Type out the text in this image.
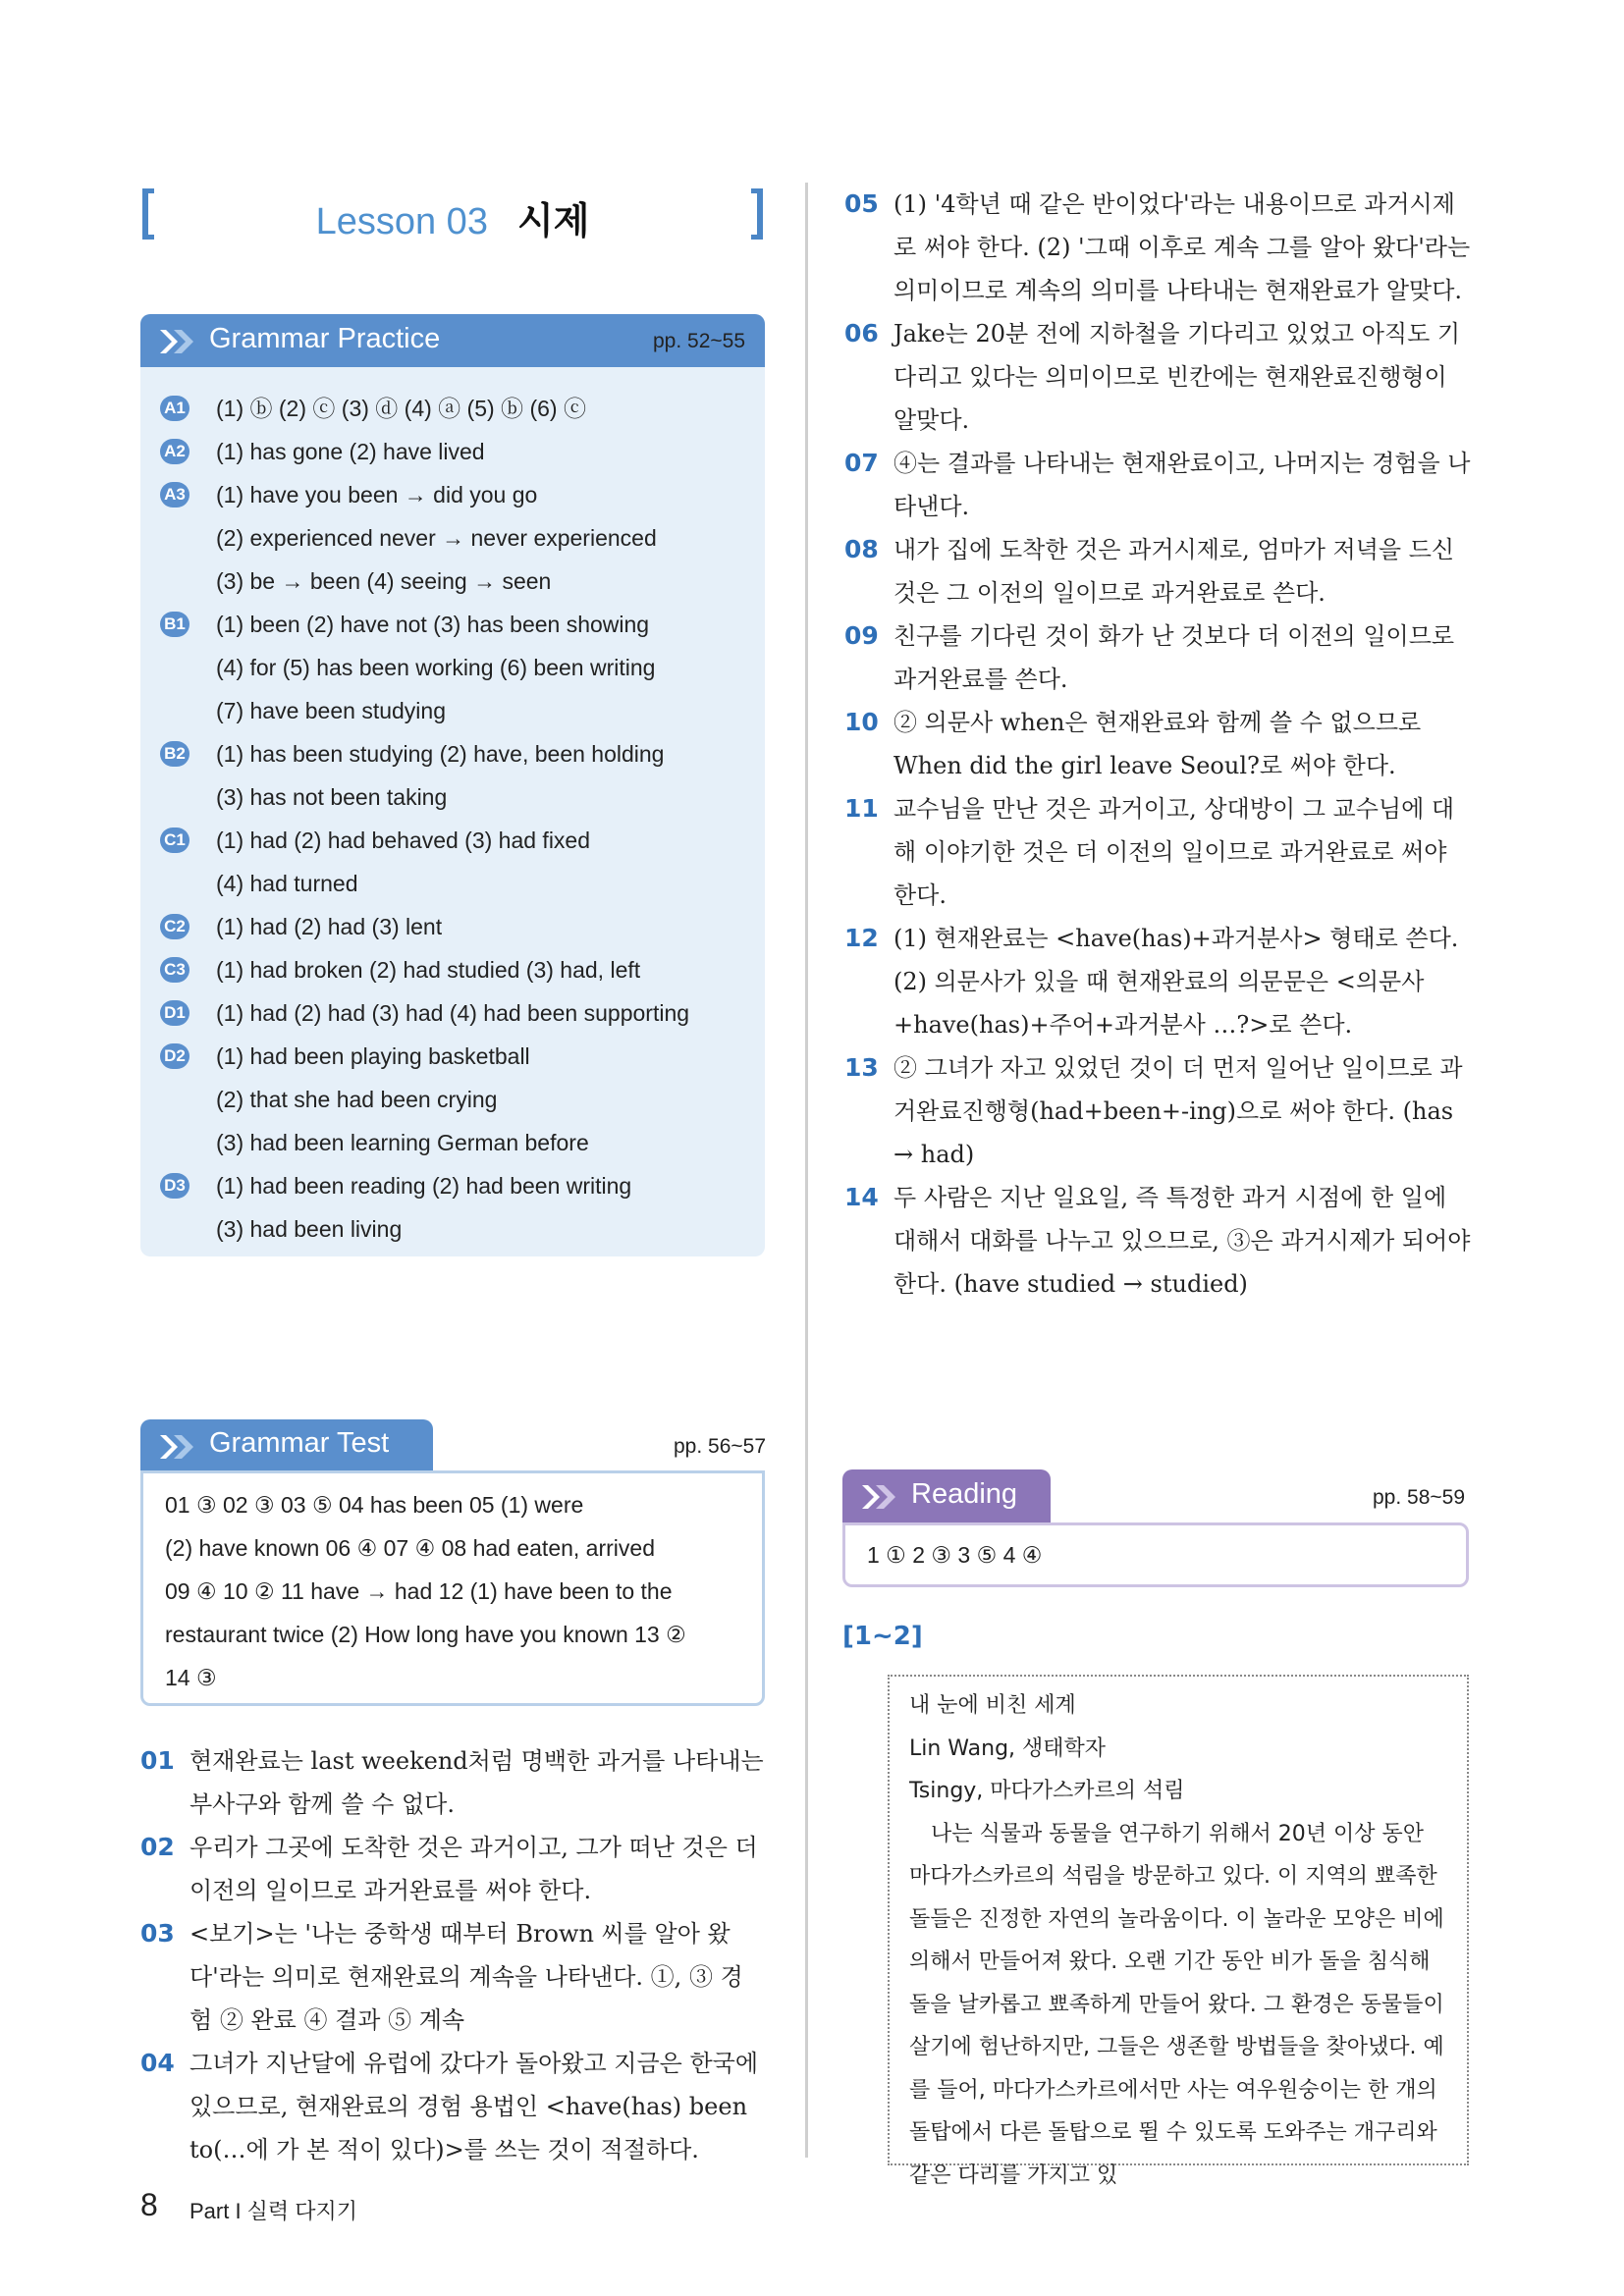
Lesson 03 시제
Grammar Practice	pp. 52~55
A1 (1) ⓑ (2) ⓒ (3) ⓓ (4) ⓐ (5) ⓑ (6) ⓒ
A2 (1) has gone (2) have lived
A3 (1) have you been → did you go
(2) experienced never → never experienced
(3) be → been (4) seeing → seen
B1 (1) been (2) have not (3) has been showing
(4) for (5) has been working (6) been writing
(7) have been studying
B2 (1) has been studying (2) have, been holding
(3) has not been taking
C1 (1) had (2) had behaved (3) had fixed
(4) had turned
C2 (1) had (2) had (3) lent
C3 (1) had broken (2) had studied (3) had, left
D1 (1) had (2) had (3) had (4) had been supporting
D2 (1) had been playing basketball
(2) that she had been crying
(3) had been learning German before
D3 (1) had been reading (2) had been writing
(3) had been living
Grammar Test	pp. 56~57
01 ③ 02 ③ 03 ⑤ 04 has been 05 (1) were
(2) have known 06 ④ 07 ④ 08 had eaten, arrived
09 ④ 10 ② 11 have → had 12 (1) have been to the
restaurant twice (2) How long have you known 13 ②
14 ③
01 현재완료는 last weekend처럼 명백한 과거를 나타내는 부사구와 함께 쓸 수 없다.
02 우리가 그곳에 도착한 것은 과거이고, 그가 떠난 것은 더 이전의 일이므로 과거완료를 써야 한다.
03 <보기>는 '나는 중학생 때부터 Brown 씨를 알아 왔다'라는 의미로 현재완료의 계속을 나타낸다. ①, ③ 경험 ② 완료 ④ 결과 ⑤ 계속
04 그녀가 지난달에 유럽에 갔다가 돌아왔고 지금은 한국에 있으므로, 현재완료의 경험 용법인 <have(has) been to(…에 가 본 적이 있다)>를 쓰는 것이 적절하다.
05 (1) '4학년 때 같은 반이었다'라는 내용이므로 과거시제로 써야 한다. (2) '그때 이후로 계속 그를 알아 왔다'라는 의미이므로 계속의 의미를 나타내는 현재완료가 알맞다.
06 Jake는 20분 전에 지하철을 기다리고 있었고 아직도 기다리고 있다는 의미이므로 빈칸에는 현재완료진행형이 알맞다.
07 ④는 결과를 나타내는 현재완료이고, 나머지는 경험을 나타낸다.
08 내가 집에 도착한 것은 과거시제로, 엄마가 저녁을 드신 것은 그 이전의 일이므로 과거완료로 쓴다.
09 친구를 기다린 것이 화가 난 것보다 더 이전의 일이므로 과거완료를 쓴다.
10 ② 의문사 when은 현재완료와 함께 쓸 수 없으므로 When did the girl leave Seoul?로 써야 한다.
11 교수님을 만난 것은 과거이고, 상대방이 그 교수님에 대해 이야기한 것은 더 이전의 일이므로 과거완료로 써야 한다.
12 (1) 현재완료는 <have(has)+과거분사> 형태로 쓴다. (2) 의문사가 있을 때 현재완료의 의문문은 <의문사+have(has)+주어+과거분사 …?>로 쓴다.
13 ② 그녀가 자고 있었던 것이 더 먼저 일어난 일이므로 과거완료진행형(had+been+-ing)으로 써야 한다. (has → had)
14 두 사람은 지난 일요일, 즉 특정한 과거 시점에 한 일에 대해서 대화를 나누고 있으므로, ③은 과거시제가 되어야 한다. (have studied → studied)
Reading	pp. 58~59
1 ① 2 ③ 3 ⑤ 4 ④
[1~2]
내 눈에 비친 세계
Lin Wang, 생태학자
Tsingy, 마다가스카르의 석림
나는 식물과 동물을 연구하기 위해서 20년 이상 동안 마다가스카르의 석림을 방문하고 있다. 이 지역의 뾰족한 돌들은 진정한 자연의 놀라움이다. 이 놀라운 모양은 비에 의해서 만들어져 왔다. 오랜 기간 동안 비가 돌을 침식해 돌을 날카롭고 뾰족하게 만들어 왔다. 그 환경은 동물들이 살기에 험난하지만, 그들은 생존할 방법들을 찾아냈다. 예를 들어, 마다가스카르에서만 사는 여우원숭이는 한 개의 돌탑에서 다른 돌탑으로 뛸 수 있도록 도와주는 개구리와 같은 다리를 가지고 있
8 Part I 실력 다지기
